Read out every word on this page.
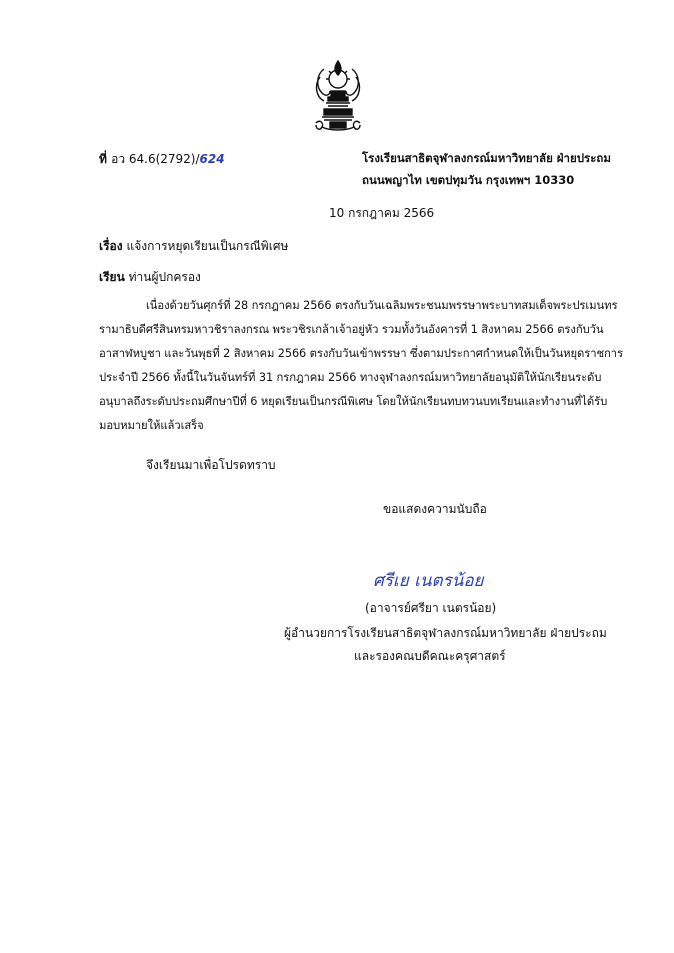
ที่ อว 64.6(2792)/624	โรงเรียนสาธิตจุฬาลงกรณ์มหาวิทยาลัย ฝ่ายประถม
ถนนพญาไท เขตปทุมวัน กรุงเทพฯ 10330
10 กรกฎาคม 2566
เรื่อง แจ้งการหยุดเรียนเป็นกรณีพิเศษ
เรียน ท่านผู้ปกครอง
เนื่องด้วยวันศุกร์ที่ 28 กรกฎาคม 2566 ตรงกับวันเฉลิมพระชนมพรรษาพระบาทสมเด็จพระปรเมนทร
รามาธิบดีศรีสินทรมหาวชิราลงกรณ พระวชิรเกล้าเจ้าอยู่หัว รวมทั้งวันอังคารที่ 1 สิงหาคม 2566 ตรงกับวัน
อาสาฬหบูชา และวันพุธที่ 2 สิงหาคม 2566 ตรงกับวันเข้าพรรษา ซึ่งตามประกาศกำหนดให้เป็นวันหยุดราชการ
ประจำปี 2566 ทั้งนี้ในวันจันทร์ที่ 31 กรกฎาคม 2566 ทางจุฬาลงกรณ์มหาวิทยาลัยอนุมัติให้นักเรียนระดับ
อนุบาลถึงระดับประถมศึกษาปีที่ 6 หยุดเรียนเป็นกรณีพิเศษ โดยให้นักเรียนทบทวนบทเรียนและทำงานที่ได้รับ
มอบหมายให้แล้วเสร็จ
จึงเรียนมาเพื่อโปรดทราบ
ขอแสดงความนับถือ
ศรีเย เนตรน้อย
(อาจารย์ศรียา เนตรน้อย)
ผู้อำนวยการโรงเรียนสาธิตจุฬาลงกรณ์มหาวิทยาลัย ฝ่ายประถม
และรองคณบดีคณะครุศาสตร์
